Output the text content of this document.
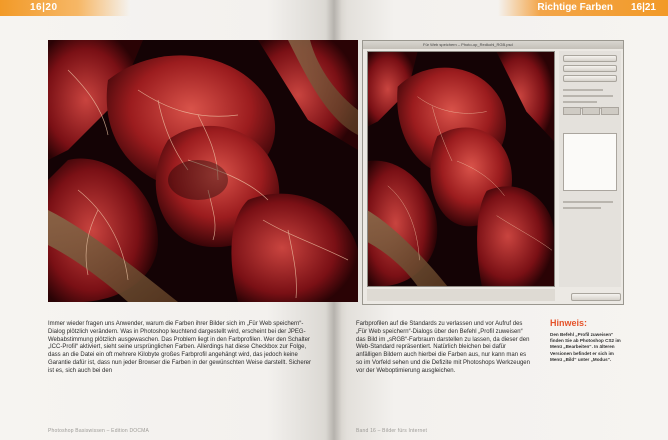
16|20	Richtige Farben 16|21
Für Web speichern – Photo-op_Redkohl_RGB.psd

Immer wieder fragen uns Anwender, warum die Farben ihrer Bilder sich im „Für Web speichern“-Dialog plötzlich verändern. Was in Photoshop leuchtend dargestellt wird, erscheint bei der JPEG-Webabstimmung plötzlich ausgewaschen. Das Problem liegt in den Farbprofilen. Wer den Schalter „ICC-Profil“ aktiviert, sieht seine ursprünglichen Farben. Allerdings hat diese Checkbox zur Folge, dass an die Datei ein oft mehrere Kilobyte großes Farbprofil angehängt wird, das jedoch keine Garantie dafür ist, dass nun jeder Browser die Farben in der gewünschten Weise darstellt. Sicherer ist es, sich auch bei den

Farbprofilen auf die Standards zu verlassen und vor Aufruf des „Für Web speichern“-Dialogs über den Befehl „Profil zuweisen“ das Bild im „sRGB“-Farbraum darstellen zu lassen, da dieser den Web-Standard repräsentiert. Natürlich bleichen bei dafür anfälligen Bildern auch hierbei die Farben aus, nur kann man es so im Vorfeld sehen und die Defizite mit Photoshops Werkzeugen vor der Weboptimierung ausgleichen.

Hinweis:
Den Befehl „Profil zuweisen“ finden Sie ab Photoshop CS2 im Menü „Bearbeiten“. In älteren Versionen befindet er sich im Menü „Bild“ unter „Modus“.
Photoshop Basiswissen – Edition DOCMA	Band 16 – Bilder fürs Internet
